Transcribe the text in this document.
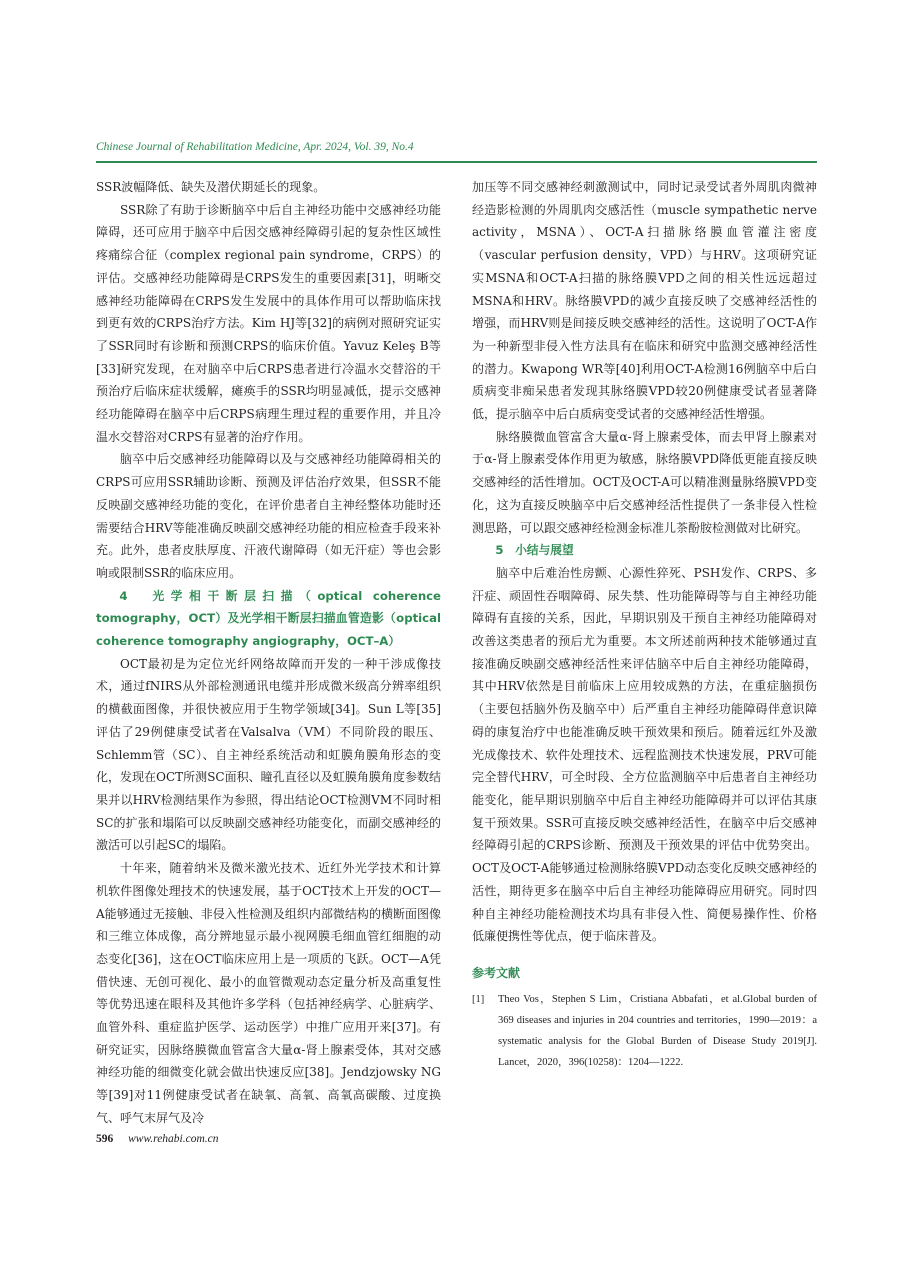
Chinese Journal of Rehabilitation Medicine, Apr. 2024, Vol. 39, No.4

SSR波幅降低、缺失及潜伏期延长的现象。

SSR除了有助于诊断脑卒中后自主神经功能中交感神经功能障碍，还可应用于脑卒中后因交感神经障碍引起的复杂性区域性疼痛综合征（complex regional pain syndrome，CRPS）的评估。交感神经功能障碍是CRPS发生的重要因素[31]，明晰交感神经功能障碍在CRPS发生发展中的具体作用可以帮助临床找到更有效的CRPS治疗方法。Kim HJ等[32]的病例对照研究证实了SSR同时有诊断和预测CRPS的临床价值。Yavuz Keleş B等[33]研究发现，在对脑卒中后CRPS患者进行冷温水交替浴的干预治疗后临床症状缓解，瘫痪手的SSR均明显减低，提示交感神经功能障碍在脑卒中后CRPS病理生理过程的重要作用，并且冷温水交替浴对CRPS有显著的治疗作用。

脑卒中后交感神经功能障碍以及与交感神经功能障碍相关的CRPS可应用SSR辅助诊断、预测及评估治疗效果，但SSR不能反映副交感神经功能的变化，在评价患者自主神经整体功能时还需要结合HRV等能准确反映副交感神经功能的相应检查手段来补充。此外，患者皮肤厚度、汗液代谢障碍（如无汗症）等也会影响或限制SSR的临床应用。

4　光学相干断层扫描（optical coherence tomography，OCT）及光学相干断层扫描血管造影（optical coherence tomography angiography，OCT–A）

OCT最初是为定位光纤网络故障而开发的一种干涉成像技术，通过fNIRS从外部检测通讯电缆并形成微米级高分辨率组织的横截面图像，并很快被应用于生物学领域[34]。Sun L等[35]评估了29例健康受试者在Valsalva（VM）不同阶段的眼压、Schlemm管（SC）、自主神经系统活动和虹膜角膜角形态的变化，发现在OCT所测SC面积、瞳孔直径以及虹膜角膜角度参数结果并以HRV检测结果作为参照，得出结论OCT检测VM不同时相SC的扩张和塌陷可以反映副交感神经功能变化，而副交感神经的激活可以引起SC的塌陷。

十年来，随着纳米及微米激光技术、近红外光学技术和计算机软件图像处理技术的快速发展，基于OCT技术上开发的OCT—A能够通过无接触、非侵入性检测及组织内部微结构的横断面图像和三维立体成像，高分辨地显示最小视网膜毛细血管红细胞的动态变化[36]，这在OCT临床应用上是一项质的飞跃。OCT—A凭借快速、无创可视化、最小的血管微观动态定量分析及高重复性等优势迅速在眼科及其他许多学科（包括神经病学、心脏病学、血管外科、重症监护医学、运动医学）中推广应用开来[37]。有研究证实，因脉络膜微血管富含大量α-肾上腺素受体，其对交感神经功能的细微变化就会做出快速反应[38]。Jendzjowsky NG等[39]对11例健康受试者在缺氧、高氧、高氧高碳酸、过度换气、呼气末屏气及冷

加压等不同交感神经刺激测试中，同时记录受试者外周肌肉微神经造影检测的外周肌肉交感活性（muscle sympathetic nerve activity，MSNA）、OCT-A扫描脉络膜血管灌注密度（vascular perfusion density，VPD）与HRV。这项研究证实MSNA和OCT-A扫描的脉络膜VPD之间的相关性远远超过MSNA和HRV。脉络膜VPD的减少直接反映了交感神经活性的增强，而HRV则是间接反映交感神经的活性。这说明了OCT-A作为一种新型非侵入性方法具有在临床和研究中监测交感神经活性的潜力。Kwapong WR等[40]利用OCT-A检测16例脑卒中后白质病变非痴呆患者发现其脉络膜VPD较20例健康受试者显著降低，提示脑卒中后白质病变受试者的交感神经活性增强。

脉络膜微血管富含大量α-肾上腺素受体，而去甲肾上腺素对于α-肾上腺素受体作用更为敏感，脉络膜VPD降低更能直接反映交感神经的活性增加。OCT及OCT-A可以精准测量脉络膜VPD变化，这为直接反映脑卒中后交感神经活性提供了一条非侵入性检测思路，可以跟交感神经检测金标准儿茶酚胺检测做对比研究。

5　小结与展望

脑卒中后难治性房颤、心源性猝死、PSH发作、CRPS、多汗症、顽固性吞咽障碍、尿失禁、性功能障碍等与自主神经功能障碍有直接的关系，因此，早期识别及干预自主神经功能障碍对改善这类患者的预后尤为重要。本文所述前两种技术能够通过直接准确反映副交感神经活性来评估脑卒中后自主神经功能障碍，其中HRV依然是目前临床上应用较成熟的方法，在重症脑损伤（主要包括脑外伤及脑卒中）后严重自主神经功能障碍伴意识障碍的康复治疗中也能准确反映干预效果和预后。随着远红外及激光成像技术、软件处理技术、远程监测技术快速发展，PRV可能完全替代HRV，可全时段、全方位监测脑卒中后患者自主神经功能变化，能早期识别脑卒中后自主神经功能障碍并可以评估其康复干预效果。SSR可直接反映交感神经活性，在脑卒中后交感神经障碍引起的CRPS诊断、预测及干预效果的评估中优势突出。OCT及OCT-A能够通过检测脉络膜VPD动态变化反映交感神经的活性，期待更多在脑卒中后自主神经功能障碍应用研究。同时四种自主神经功能检测技术均具有非侵入性、简便易操作性、价格低廉便携性等优点，便于临床普及。

参考文献
[1]	Theo Vos，Stephen S Lim，Cristiana Abbafati，et al.Global burden of 369 diseases and injuries in 204 countries and territories，1990—2019：a systematic analysis for the Global Burden of Disease Study 2019[J]. Lancet，2020，396(10258)：1204—1222.
596 www.rehabi.com.cn
